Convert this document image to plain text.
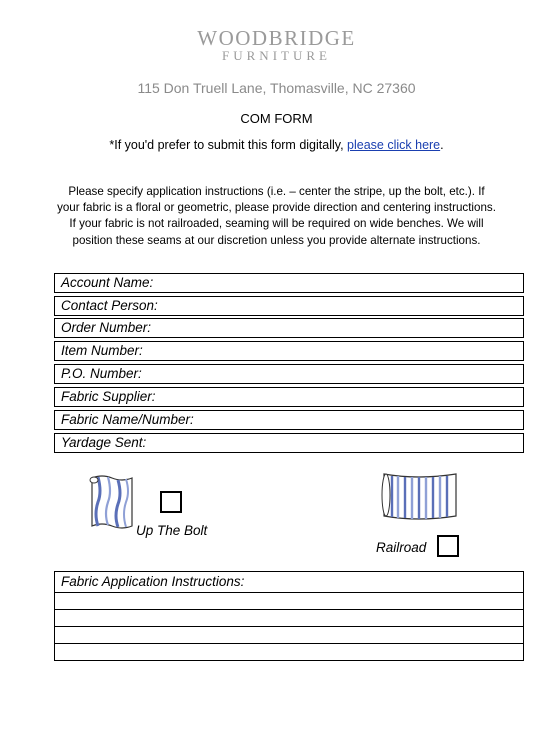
WOODBRIDGE
FURNITURE
115 Don Truell Lane, Thomasville, NC 27360
COM FORM
*If you'd prefer to submit this form digitally, please click here.
Please specify application instructions (i.e. – center the stripe, up the bolt, etc.). If your fabric is a floral or geometric, please provide direction and centering instructions. If your fabric is not railroaded, seaming will be required on wide benches. We will position these seams at our discretion unless you provide alternate instructions.
Account Name:
Contact Person:
Order Number:
Item Number:
P.O. Number:
Fabric Supplier:
Fabric Name/Number:
Yardage Sent:
Up The Bolt
Railroad
Fabric Application Instructions:
